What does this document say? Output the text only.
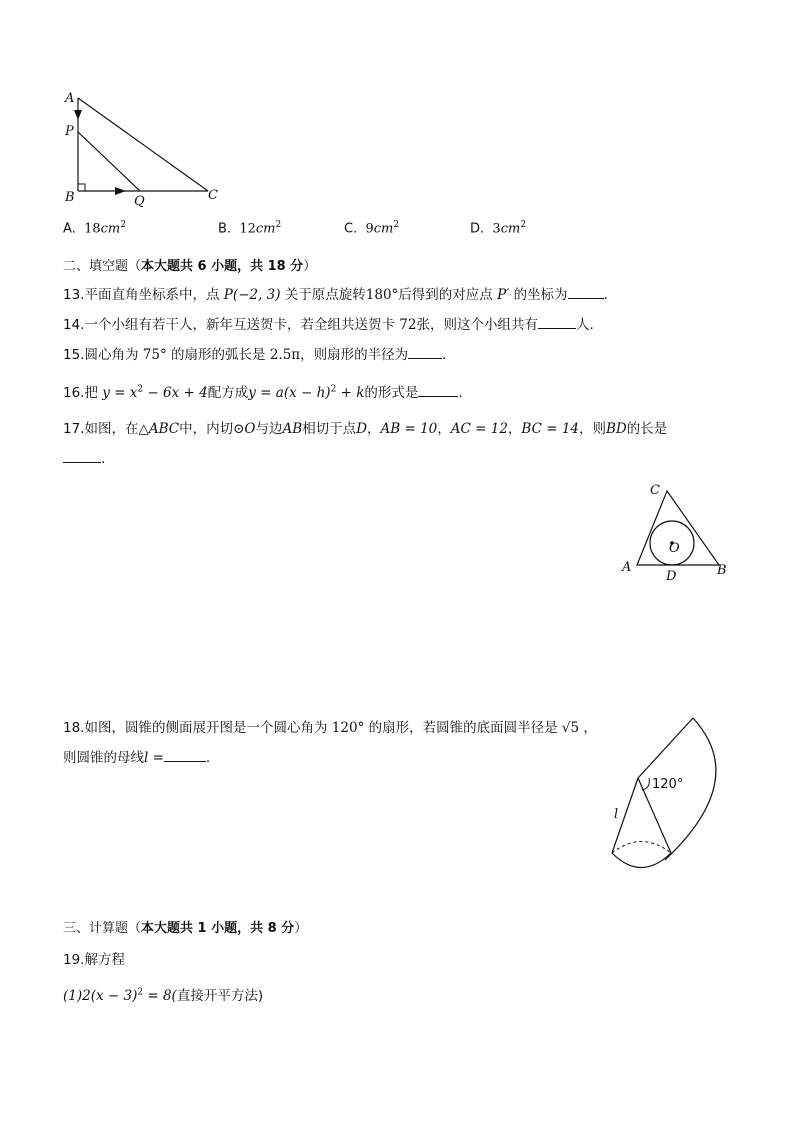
A
P
B	Q	C
A. $18cm^2$	B. $12cm^2$	C. $9cm^2$	D. $3cm^2$
二、填空题（本大题共 6 小题，共 18 分）
13.平面直角坐标系中，点 P(−2, 3) 关于原点旋转180°后得到的对应点 P′ 的坐标为	.
14.一个小组有若干人，新年互送贺卡，若全组共送贺卡 72张，则这个小组共有	人.
15.圆心角为 75° 的扇形的弧长是 2.5π，则扇形的半径为	.
16.把 $y = x^2 - 6x + 4$配方成$y = a(x - h)^2 + k$的形式是	.
17.如图，在△ABC中，内切⊙O与边AB相切于点D，AB = 10，AC = 12，BC = 14，则BD的长是
.
C
O
A
D	B
18.如图，圆锥的侧面展开图是一个圆心角为 120° 的扇形，若圆锥的底面圆半径是 √5 ，
则圆锥的母线l =	.
120°
l
三、计算题（本大题共 1 小题，共 8 分）
19.解方程
$(1)2(x - 3)^2 = 8$(直接开平方法)
